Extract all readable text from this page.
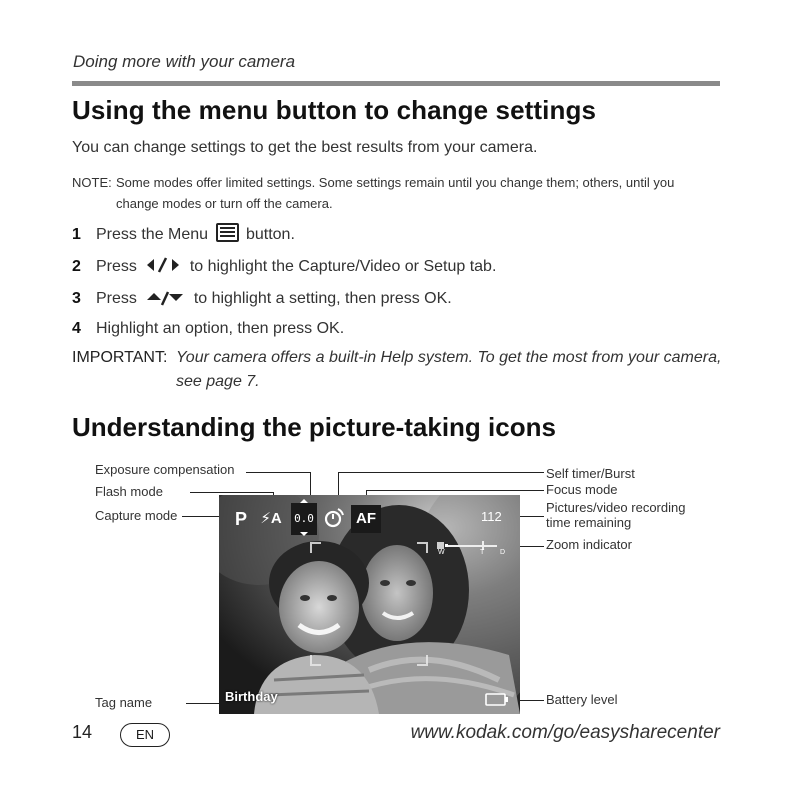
Doing more with your camera
Using the menu button to change settings
You can change settings to get the best results from your camera.
NOTE: Some modes offer limited settings. Some settings remain until you change them; others, until you
change modes or turn off the camera.
1 Press the Menu button.
2 Press	to highlight the Capture/Video or Setup tab.
3 Press	to highlight a setting, then press OK.
4 Highlight an option, then press OK.
IMPORTANT: Your camera offers a built-in Help system. To get the most from your camera,
see page 7.
Understanding the picture-taking icons
Exposure compensation
Flash mode
Capture mode
Tag name
Self timer/Burst
Focus mode
Pictures/video recording
time remaining
Zoom indicator
Battery level
P ⚡A	0.0	AF	112
W	T D
Birthday
14	EN	www.kodak.com/go/easysharecenter
